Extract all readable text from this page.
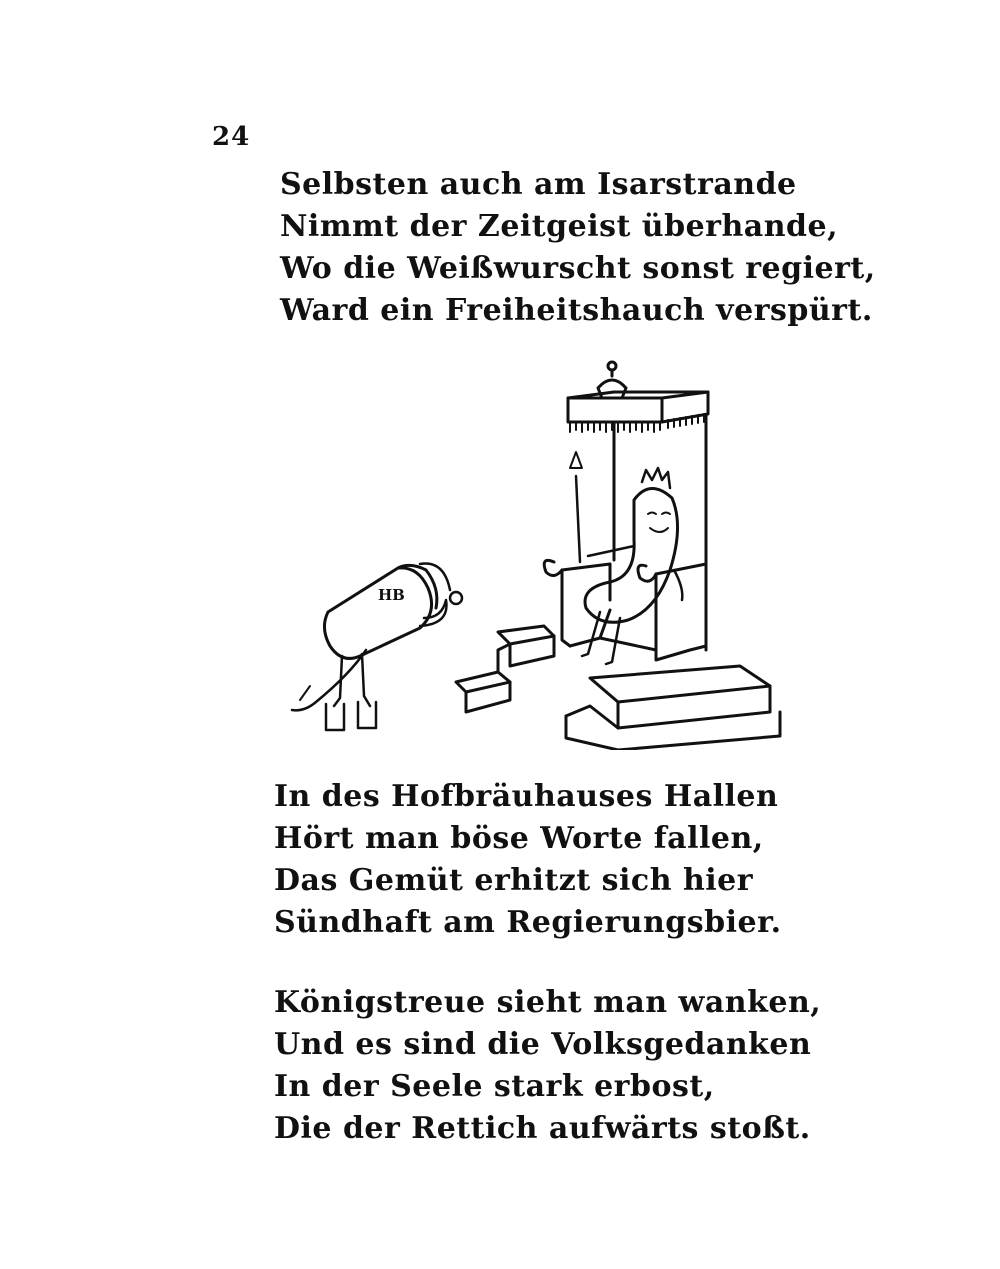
24
Selbsten auch am Isarstrande
Nimmt der Zeitgeist überhande,
Wo die Weißwurscht sonst regiert,
Ward ein Freiheitshauch verspürt.
HB
In des Hofbräuhauses Hallen
Hört man böse Worte fallen,
Das Gemüt erhitzt sich hier
Sündhaft am Regierungsbier.
Königstreue sieht man wanken,
Und es sind die Volksgedanken
In der Seele stark erbost,
Die der Rettich aufwärts stoßt.
